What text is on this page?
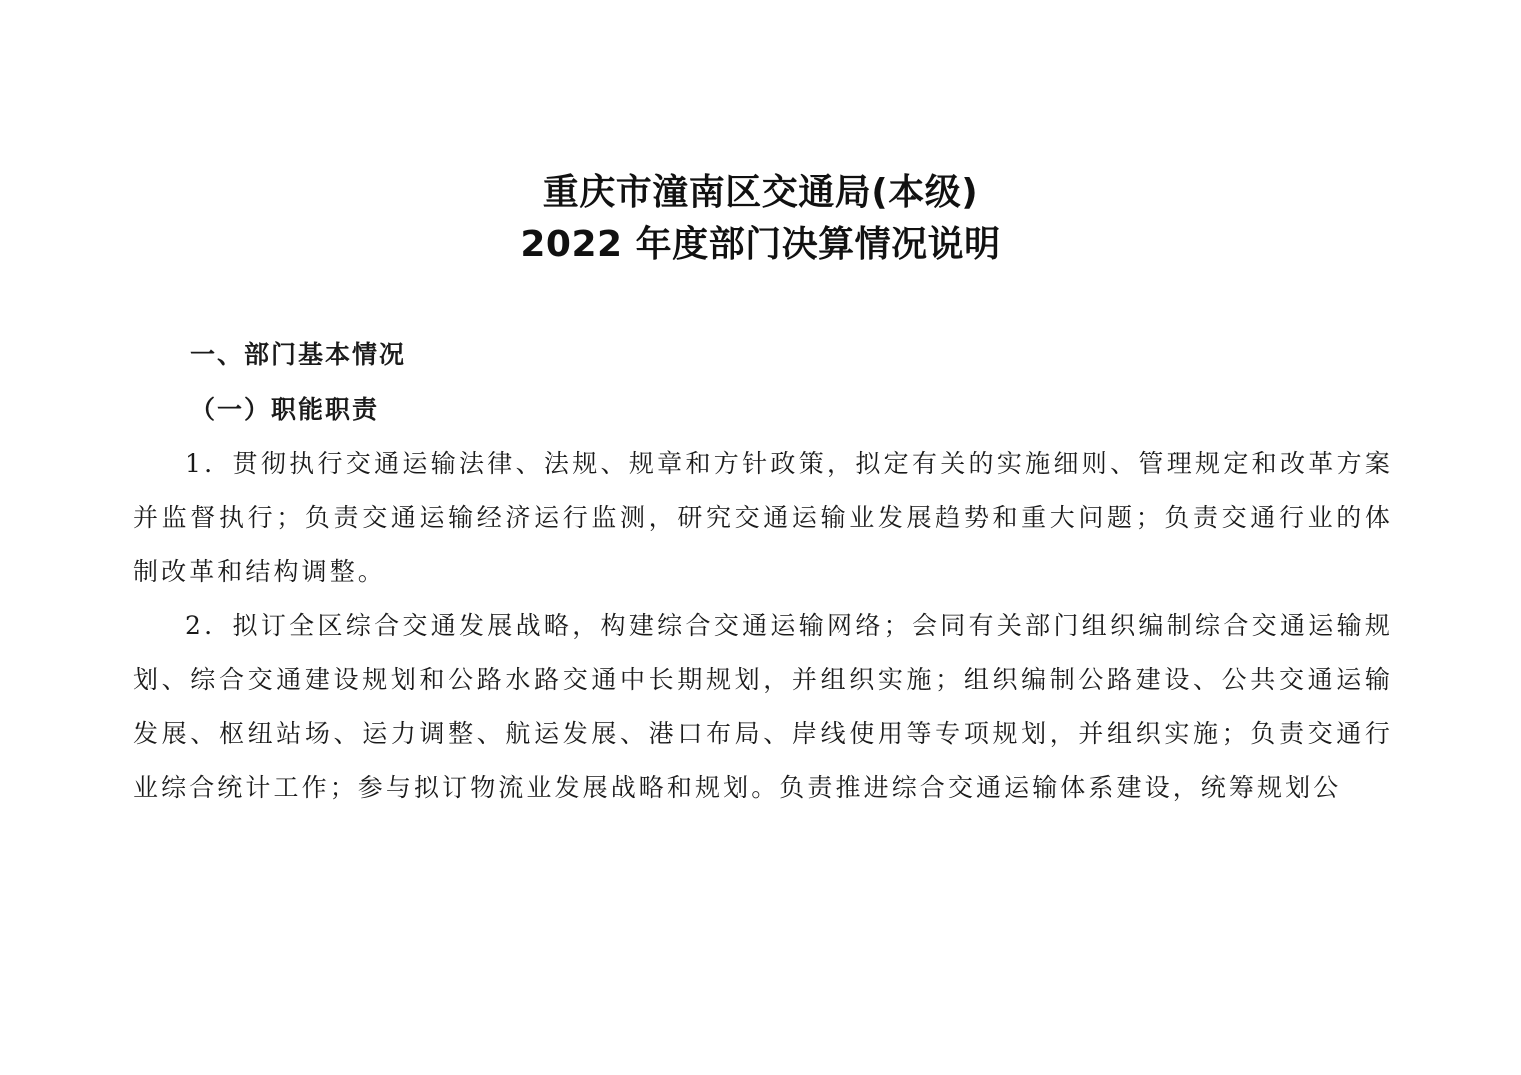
重庆市潼南区交通局(本级)
2022 年度部门决算情况说明
一、部门基本情况
（一）职能职责

1．贯彻执行交通运输法律、法规、规章和方针政策，拟定有关的实施细则、管理规定和改革方案并监督执行；负责交通运输经济运行监测，研究交通运输业发展趋势和重大问题；负责交通行业的体制改革和结构调整。

2．拟订全区综合交通发展战略，构建综合交通运输网络；会同有关部门组织编制综合交通运输规划、综合交通建设规划和公路水路交通中长期规划，并组织实施；组织编制公路建设、公共交通运输发展、枢纽站场、运力调整、航运发展、港口布局、岸线使用等专项规划，并组织实施；负责交通行业综合统计工作；参与拟订物流业发展战略和规划。负责推进综合交通运输体系建设，统筹规划公
